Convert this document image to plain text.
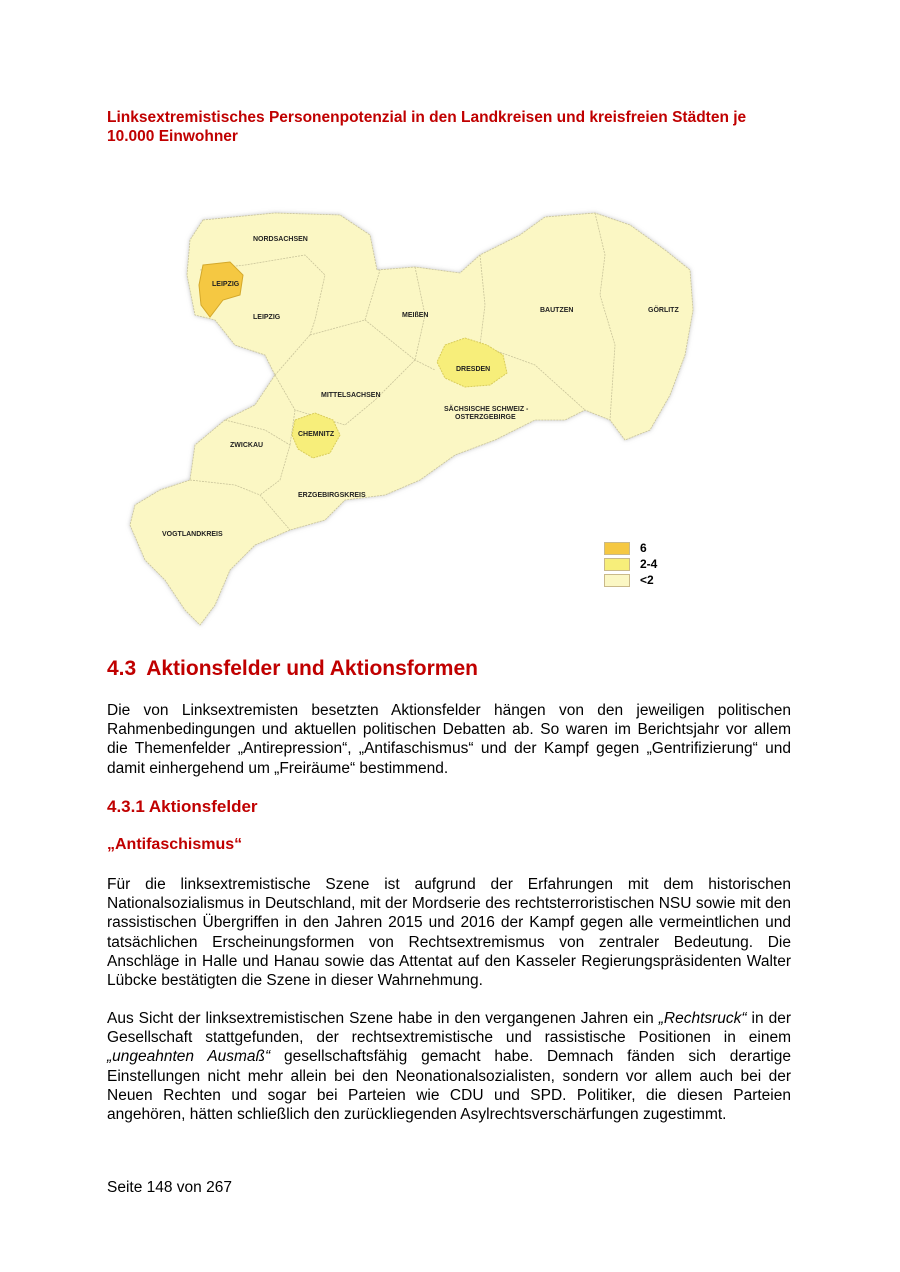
Linksextremistisches Personenpotenzial in den Landkreisen und kreisfreien Städten je 10.000 Einwohner

NORDSACHSEN
LEIPZIG
LEIPZIG	MEIßEN
BAUTZEN	GÖRLITZ
DRESDEN
MITTELSACHSEN
SÄCHSISCHE SCHWEIZ -
OSTERZGEBIRGE
CHEMNITZ
ZWICKAU
ERZGEBIRGSKREIS
VOGTLANDKREIS
6
2-4
<2
4.3 Aktionsfelder und Aktionsformen

Die von Linksextremisten besetzten Aktionsfelder hängen von den jeweiligen politischen Rahmenbedingungen und aktuellen politischen Debatten ab. So waren im Berichtsjahr vor allem die Themenfelder „Antirepression“, „Antifaschismus“ und der Kampf gegen „Gentrifizierung“ und damit einhergehend um „Freiräume“ bestimmend.

4.3.1 Aktionsfelder
„Antifaschismus“

Für die linksextremistische Szene ist aufgrund der Erfahrungen mit dem historischen Nationalsozialismus in Deutschland, mit der Mordserie des rechtsterroristischen NSU sowie mit den rassistischen Übergriffen in den Jahren 2015 und 2016 der Kampf gegen alle vermeintlichen und tatsächlichen Erscheinungsformen von Rechtsextremismus von zentraler Bedeutung. Die Anschläge in Halle und Hanau sowie das Attentat auf den Kasseler Regierungspräsidenten Walter Lübcke bestätigten die Szene in dieser Wahrnehmung.

Aus Sicht der linksextremistischen Szene habe in den vergangenen Jahren ein „Rechtsruck“ in der Gesellschaft stattgefunden, der rechtsextremistische und rassistische Positionen in einem „ungeahnten Ausmaß“ gesellschaftsfähig gemacht habe. Demnach fänden sich derartige Einstellungen nicht mehr allein bei den Neonationalsozialisten, sondern vor allem auch bei der Neuen Rechten und sogar bei Parteien wie CDU und SPD. Politiker, die diesen Parteien angehören, hätten schließlich den zurückliegenden Asylrechtsverschärfungen zugestimmt.

Seite 148 von 267
